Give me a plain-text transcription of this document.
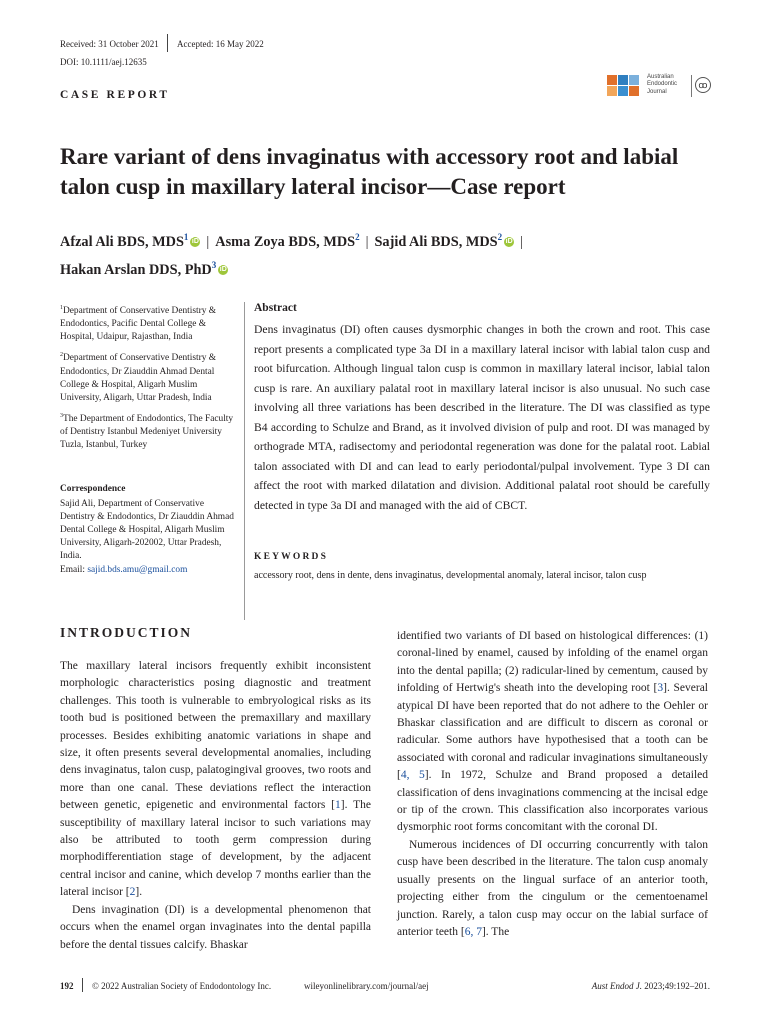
Received: 31 October 2021 Accepted: 16 May 2022
DOI: 10.1111/aej.12635
CASE REPORT
Australian
Endodontic
Journal
ꝏ
Rare variant of dens invaginatus with accessory root and labial talon cusp in maxillary lateral incisor—Case report
Afzal Ali BDS, MDS$^1$ iD | Asma Zoya BDS, MDS$^2$ | Sajid Ali BDS, MDS$^2$ iD |
Hakan Arslan DDS, PhD$^3$ iD

$^1$Department of Conservative Dentistry & Endodontics, Pacific Dental College & Hospital, Udaipur, Rajasthan, India

$^2$Department of Conservative Dentistry & Endodontics, Dr Ziauddin Ahmad Dental College & Hospital, Aligarh Muslim University, Aligarh, Uttar Pradesh, India

$^3$The Department of Endodontics, The Faculty of Dentistry Istanbul Medeniyet University Tuzla, Istanbul, Turkey

Correspondence
Sajid Ali, Department of Conservative Dentistry & Endodontics, Dr Ziauddin Ahmad Dental College & Hospital, Aligarh Muslim University, Aligarh-202002, Uttar Pradesh, India.
Email: sajid.bds.amu@gmail.com
Abstract

Dens invaginatus (DI) often causes dysmorphic changes in both the crown and root. This case report presents a complicated type 3a DI in a maxillary lateral incisor with labial talon cusp and root bifurcation. Although lingual talon cusp is common in maxillary lateral incisor, labial talon cusp is rare. An auxiliary palatal root in maxillary lateral incisor is also unusual. No such case involving all three variations has been described in the literature. The DI was classified as type B4 according to Schulze and Brand, as it involved division of pulp and root. DI was managed by orthograde MTA, radisectomy and periodontal regeneration was done for the palatal root. Labial talon associated with DI and can lead to early periodontal/pulpal involvement. Type 3 DI can affect the root with marked dilatation and division. Additional palatal root should be carefully detected in type 3a DI and managed with the aid of CBCT.

KEYWORDS
accessory root, dens in dente, dens invaginatus, developmental anomaly, lateral incisor, talon cusp
INTRODUCTION

The maxillary lateral incisors frequently exhibit inconsistent morphologic characteristics posing diagnostic and treatment challenges. This tooth is vulnerable to embryological risks as its tooth bud is positioned between the premaxillary and maxillary processes. Besides exhibiting anatomic variations in shape and size, it often presents several developmental anomalies, including dens invaginatus, talon cusp, palatogingival grooves, two roots and more than one canal. These deviations reflect the interaction between genetic, epigenetic and environmental factors [1]. The susceptibility of maxillary lateral incisor to such variations may also be attributed to tooth germ compression during morphodifferentiation stage of development, by the adjacent central incisor and canine, which develop 7 months earlier than the lateral incisor [2].

Dens invagination (DI) is a developmental phenomenon that occurs when the enamel organ invaginates into the dental papilla before the dental tissues calcify. Bhaskar

identified two variants of DI based on histological differences: (1) coronal-lined by enamel, caused by infolding of the enamel organ into the dental papilla; (2) radicular-lined by cementum, caused by infolding of Hertwig's sheath into the developing root [3]. Several atypical DI have been reported that do not adhere to the Oehler or Bhaskar classification and are difficult to discern as coronal or radicular. Some authors have hypothesised that a tooth can be associated with coronal and radicular invaginations simultaneously [4, 5]. In 1972, Schulze and Brand proposed a detailed classification of dens invaginations commencing at the incisal edge or tip of the crown. This classification also incorporates various dysmorphic root forms concomitant with the coronal DI.

Numerous incidences of DI occurring concurrently with talon cusp have been described in the literature. The talon cusp anomaly usually presents on the lingual surface of an anterior tooth, projecting either from the cingulum or the cementoenamel junction. Rarely, a talon cusp may occur on the labial surface of anterior teeth [6, 7]. The

192 © 2022 Australian Society of Endodontology Inc.	wileyonlinelibrary.com/journal/aej	Aust Endod J. 2023;49:192–201.
